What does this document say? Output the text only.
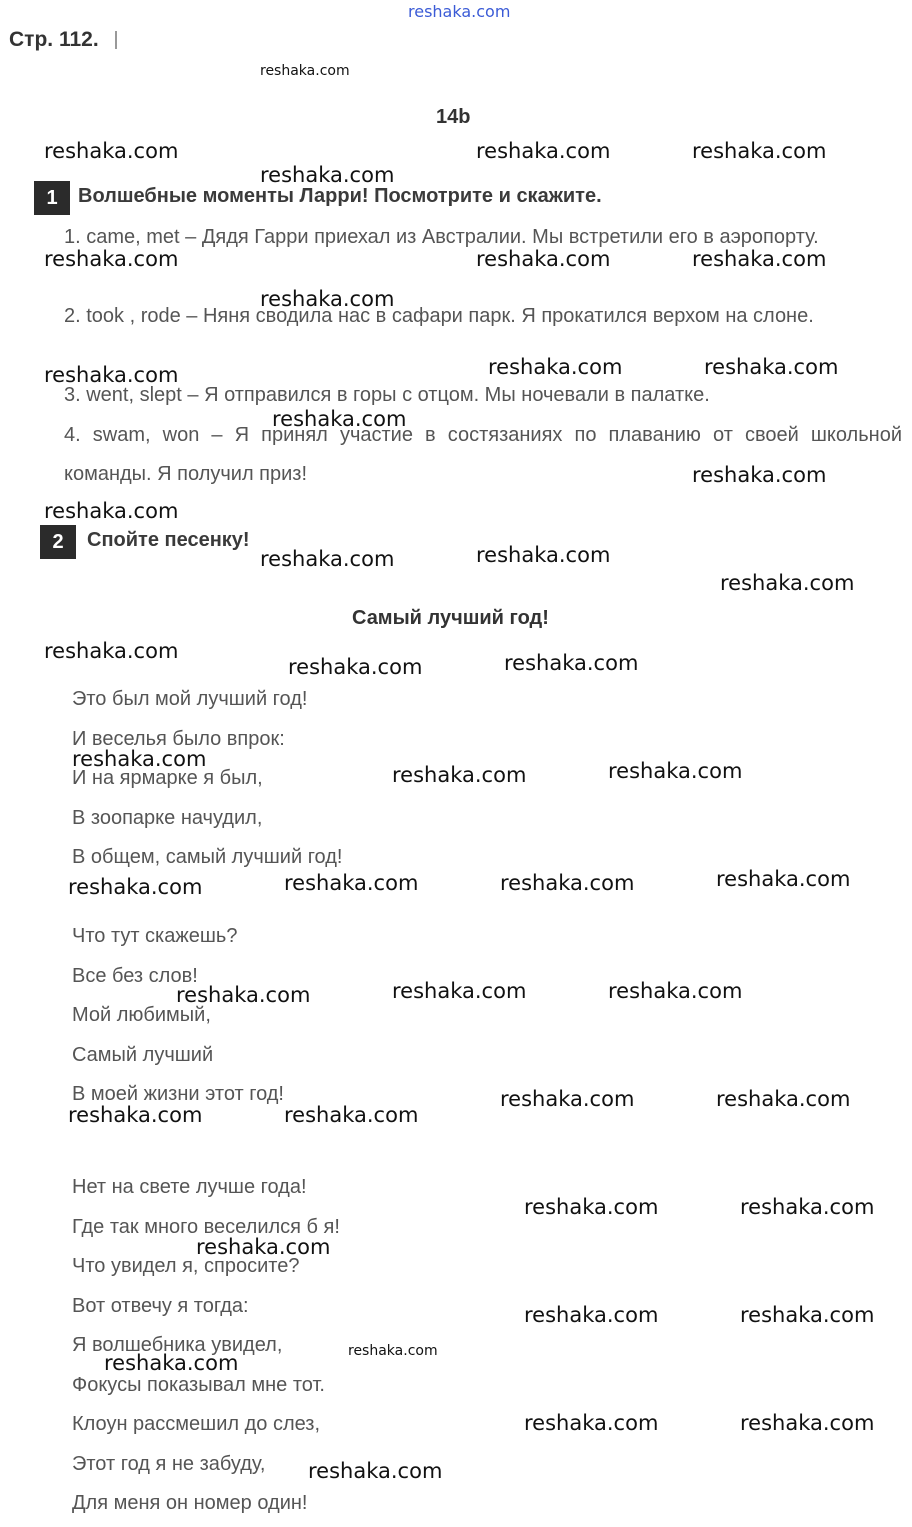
reshaka.com
Стр. 112.
14b
1	Волшебные моменты Ларри! Посмотрите и скажите.
1. came, met – Дядя Гарри приехал из Австралии. Мы встретили его в аэропорту.
2. took , rode – Няня сводила нас в сафари парк. Я прокатился верхом на слоне.
3. went, slept – Я отправился в горы с отцом. Мы ночевали в палатке.
4. swam, won – Я принял участие в состязаниях по плаванию от своей школьной команды. Я получил приз!
2	Спойте песенку!
Самый лучший год!
Это был мой лучший год!
И веселья было впрок:
И на ярмарке я был,
В зоопарке начудил,
В общем, самый лучший год!
Что тут скажешь?
Все без слов!
Мой любимый,
Самый лучший
В моей жизни этот год!
Нет на свете лучше года!
Где так много веселился б я!
Что увидел я, спросите?
Вот отвечу я тогда:
Я волшебника увидел,
Фокусы показывал мне тот.
Клоун рассмешил до слез,
Этот год я не забуду,
Для меня он номер один!
reshaka.com
reshaka.com	reshaka.com	reshaka.com
reshaka.com
reshaka.com	reshaka.com	reshaka.com
reshaka.com
reshaka.com	reshaka.com
reshaka.com
reshaka.com
reshaka.com
reshaka.com
reshaka.com
reshaka.com
reshaka.com
reshaka.com	reshaka.com
reshaka.com
reshaka.com	reshaka.com
reshaka.com
reshaka.com
reshaka.com	reshaka.com
reshaka.com
reshaka.com	reshaka.com
reshaka.com
reshaka.com	reshaka.com
reshaka.com	reshaka.com
reshaka.com	reshaka.com
reshaka.com
reshaka.com	reshaka.com
reshaka.com
reshaka.com
reshaka.com	reshaka.com
reshaka.com
